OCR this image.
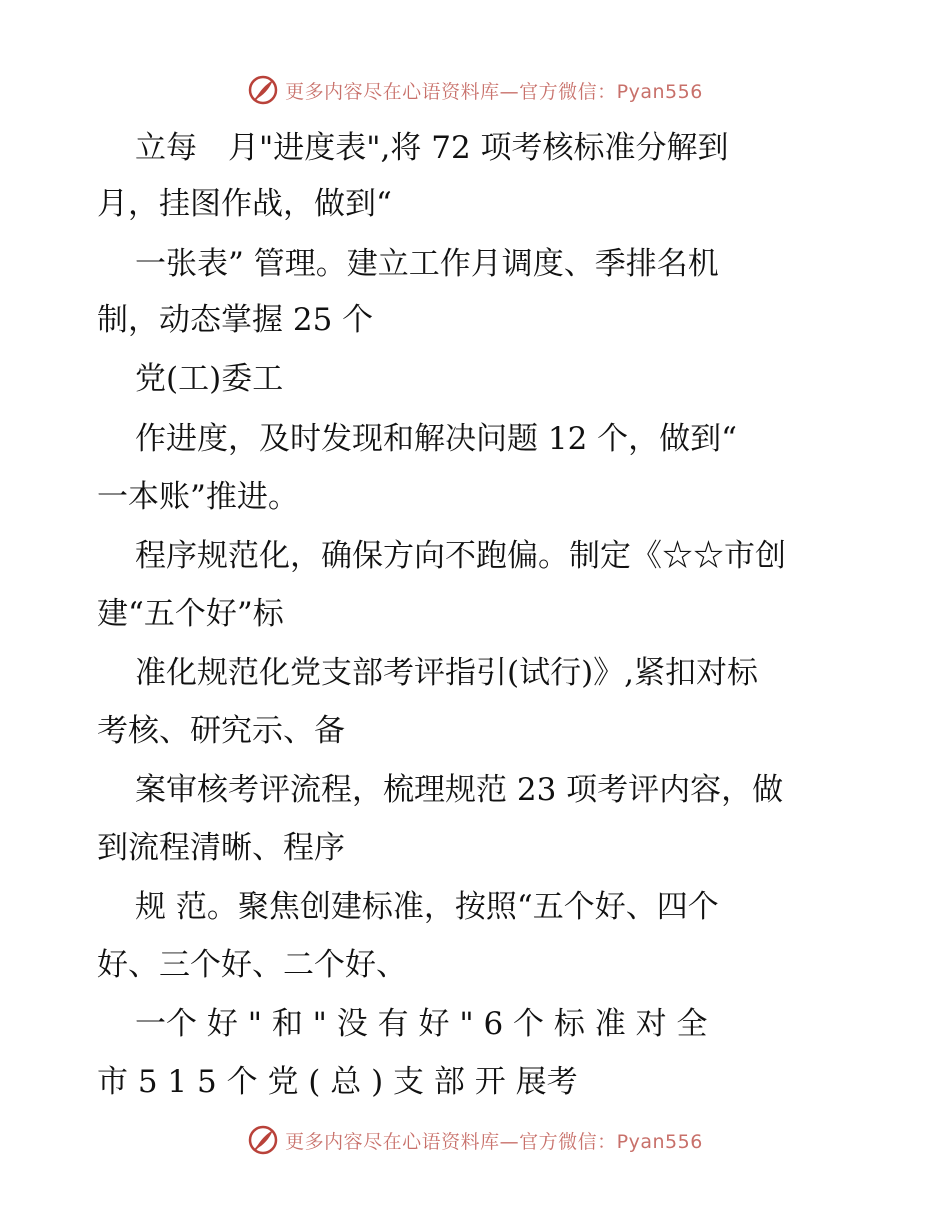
更多内容尽在心语资料库—官方微信：Pyan556
立每　月"进度表",将 72 项考核标准分解到
月，挂图作战，做到“
一张表” 管理。建立工作月调度、季排名机
制，动态掌握 25 个
党(工)委工
作进度，及时发现和解决问题 12 个，做到“
一本账”推进。
程序规范化，确保方向不跑偏。制定《☆☆市创
建“五个好”标
准化规范化党支部考评指引(试行)》,紧扣对标
考核、研究示、备
案审核考评流程，梳理规范 23 项考评内容，做
到流程清晰、程序
规 范。聚焦创建标准，按照“五个好、四个
好、三个好、二个好、
一个 好 " 和 " 没 有 好 " 6 个 标 准 对 全
市 5 1 5 个 党 ( 总 ) 支 部 开 展考
更多内容尽在心语资料库—官方微信：Pyan556
